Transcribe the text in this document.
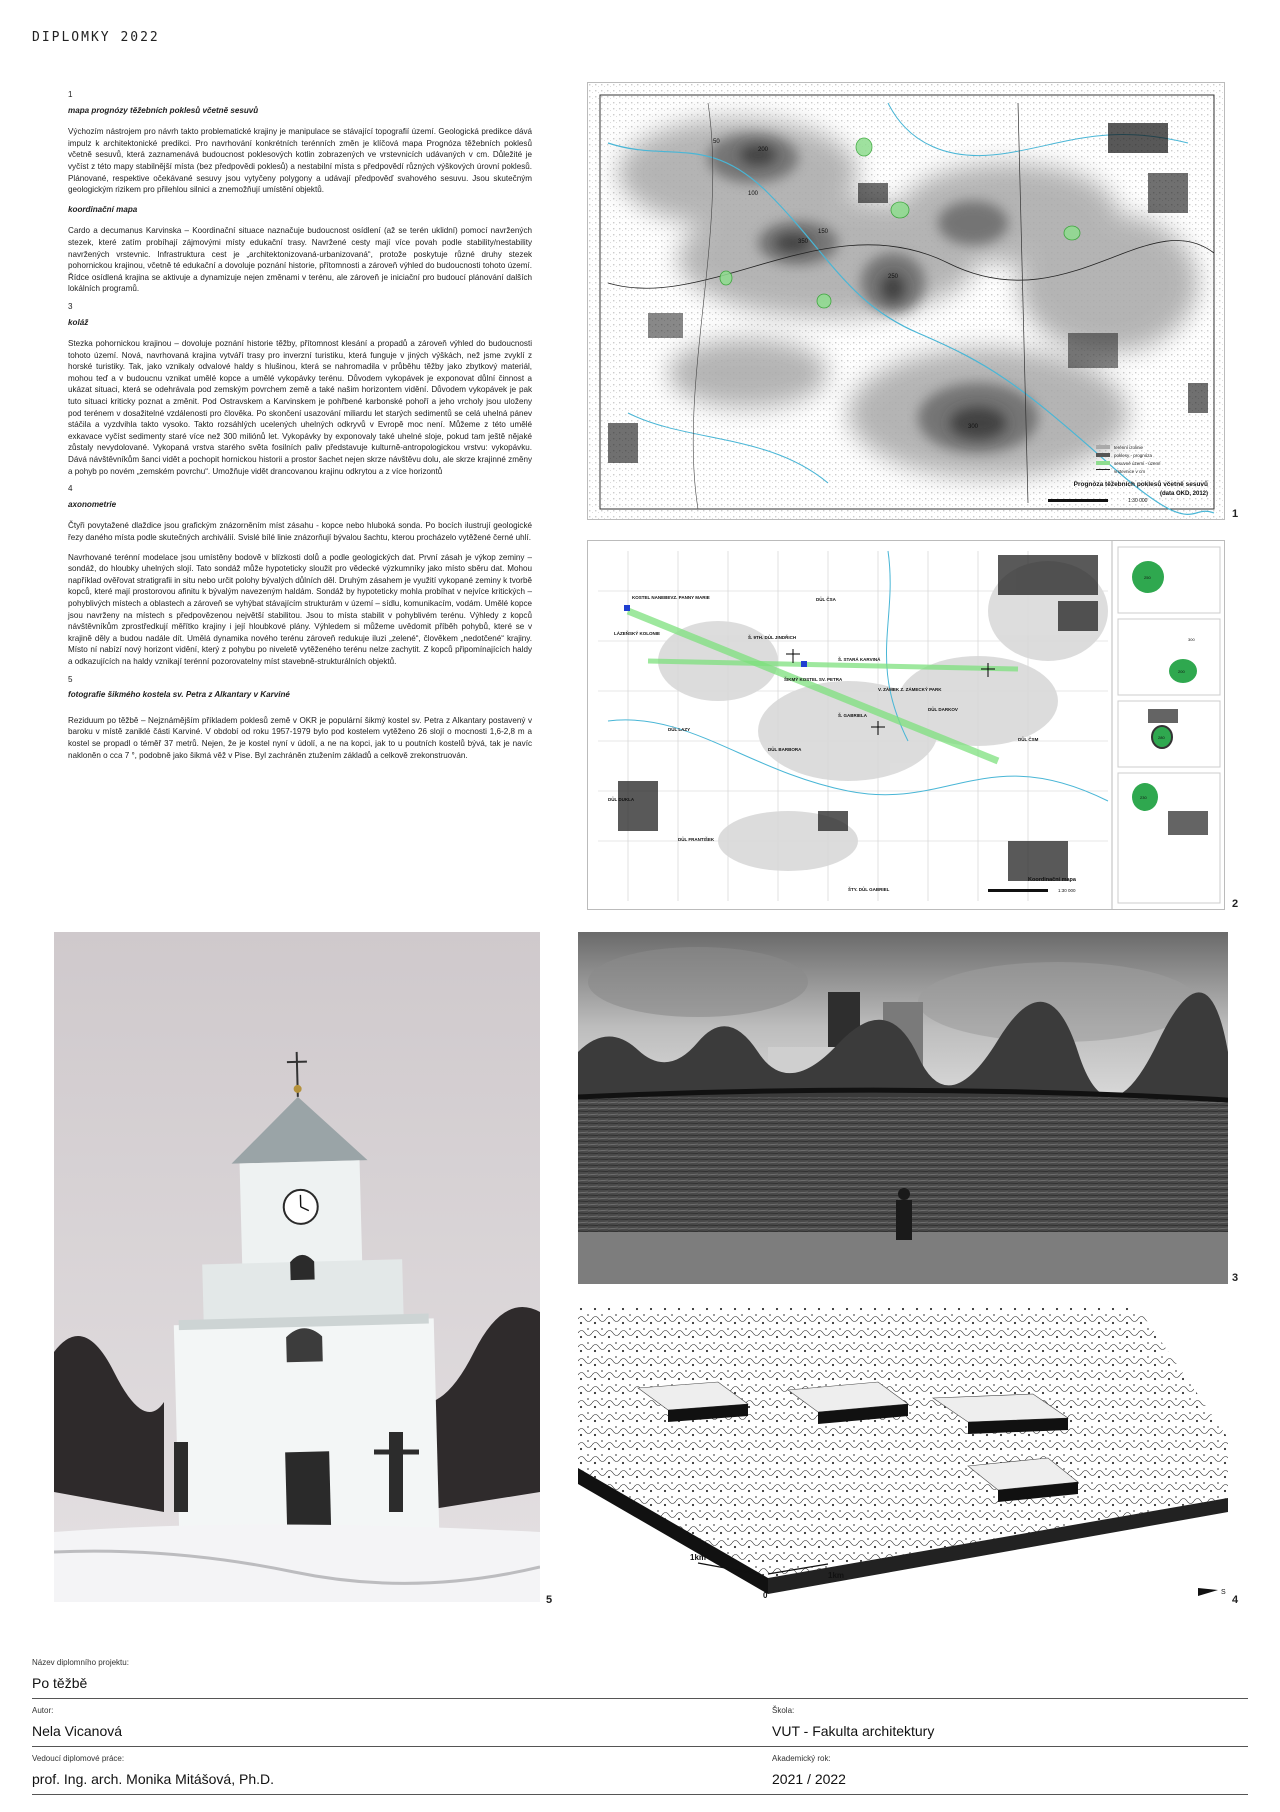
DIPLOMKY 2022
1
mapa prognózy těžebních poklesů včetně sesuvů

Výchozím nástrojem pro návrh takto problematické krajiny je manipulace se stávající topografií území. Geologická predikce dává impulz k architektonické predikci. Pro navrhování konkrétních terénních změn je klíčová mapa Prognóza těžebních poklesů včetně sesuvů, která zaznamenává budoucnost poklesových kotlin zobrazených ve vrstevnicích udávaných v cm. Důležité je vyčíst z této mapy stabilnější místa (bez předpovědi poklesů) a nestabilní místa s předpovědí různých výškových úrovní poklesů. Plánované, respektive očekávané sesuvy jsou vytyčeny polygony a udávají předpověď svahového sesuvu. Jsou skutečným geologickým rizikem pro přilehlou silnici a znemožňují umístění objektů.

koordinační mapa

Cardo a decumanus Karvinska – Koordinační situace naznačuje budoucnost osídlení (až se terén uklidní) pomocí navržených stezek, které zatím probíhají zájmovými místy edukační trasy. Navržené cesty mají více povah podle stability/nestability navržených vrstevnic. Infrastruktura cest je „architektonizovaná-urbanizovaná“, protože poskytuje různé druhy stezek pohornickou krajinou, včetně té edukační a dovoluje poznání historie, přítomnosti a zároveň výhled do budoucnosti tohoto území. Řídce osídlená krajina se aktivuje a dynamizuje nejen změnami v terénu, ale zároveň je iniciační pro budoucí plánování dalších lokálních programů.

3
koláž

Stezka pohornickou krajinou – dovoluje poznání historie těžby, přítomnost klesání a propadů a zároveň výhled do budoucnosti tohoto území. Nová, navrhovaná krajina vytváří trasy pro inverzní turistiku, která funguje v jiných výškách, než jsme zvyklí z horské turistiky. Tak, jako vznikaly odvalové haldy s hlušinou, která se nahromadila v průběhu těžby jako zbytkový materiál, mohou teď a v budoucnu vznikat umělé kopce a umělé vykopávky terénu. Důvodem vykopávek je exponovat důlní činnost a ukázat situaci, která se odehrávala pod zemským povrchem země a také našim horizontem vidění. Důvodem vykopávek je pak tuto situaci kriticky poznat a změnit. Pod Ostravskem a Karvinskem je pohřbené karbonské pohoří a jeho vrcholy jsou uloženy pod terénem v dosažitelné vzdálenosti pro člověka. Po skončení usazování miliardu let starých sedimentů se celá uhelná pánev stáčila a vyzdvihla takto vysoko. Takto rozsáhlých ucelených uhelných odkryvů v Evropě moc není. Můžeme z této umělé exkavace vyčíst sedimenty staré více než 300 miliónů let. Vykopávky by exponovaly také uhelné sloje, pokud tam ještě nějaké zůstaly nevydolované. Vykopaná vrstva starého světa fosilních paliv představuje kulturně-antropologickou vrstvu: vykopávku. Dává návštěvníkům šanci vidět a pochopit hornickou historii a prostor šachet nejen skrze návštěvu dolu, ale skrze krajinné změny a pohyb po novém „zemském povrchu“. Umožňuje vidět drancovanou krajinu odkrytou a z více horizontů

4
axonometrie

Čtyři povytažené dlaždice jsou grafickým znázorněním míst zásahu - kopce nebo hluboká sonda. Po bocích ilustrují geologické řezy daného místa podle skutečných archiválií. Svislé bílé linie znázorňují bývalou šachtu, kterou procházelo vytěžené černé uhlí.

Navrhované terénní modelace jsou umístěny bodově v blízkosti dolů a podle geologických dat. První zásah je výkop zeminy – sondáž, do hloubky uhelných slojí. Tato sondáž může hypoteticky sloužit pro vědecké výzkumníky jako místo sběru dat. Mohou například ověřovat stratigrafii in situ nebo určit polohy bývalých důlních děl. Druhým zásahem je využití vykopané zeminy k tvorbě kopců, které mají prostorovou afinitu k bývalým navezeným haldám. Sondáž by hypoteticky mohla probíhat v nejvíce kritických – pohyblivých místech a oblastech a zároveň se vyhýbat stávajícím strukturám v území – sídlu, komunikacím, vodám. Umělé kopce jsou navrženy na místech s předpovězenou největší stabilitou. Jsou to místa stabilit v pohyblivém terénu. Výhledy z kopců návštěvníkům zprostředkují měřítko krajiny i její hloubkové plány. Výhledem si můžeme uvědomit příběh pohybů, které se v krajině děly a budou nadále dít. Umělá dynamika nového terénu zároveň redukuje iluzi „zelené“, člověkem „nedotčené“ krajiny. Místo ní nabízí nový horizont vidění, který z pohybu po niveletě vytěženého terénu nelze zachytit. Z kopců připomínajících haldy a odkazujících na haldy vznikají terénní pozorovatelny míst stavebně-strukturálních objektů.

5
fotografie šikmého kostela sv. Petra z Alkantary v Karviné

Reziduum po těžbě – Nejznámějším příkladem poklesů země v OKR je populární šikmý kostel sv. Petra z Alkantary postavený v baroku v místě zaniklé části Karviné. V období od roku 1957-1979 bylo pod kostelem vytěženo 26 slojí o mocnosti 1,6-2,8 m a kostel se propadl o téměř 37 metrů. Nejen, že je kostel nyní v údolí, a ne na kopci, jak to u poutních kostelů bývá, tak je navíc nakloněn o cca 7 °, podobně jako šikmá věž v Pise. Byl zachráněn ztužením základů a celkově zrekonstruován.

50
100
150
200
250
300
350
terénní izolinie
poklesy - prognóza
sesuvné území - území
vrstevnice v cm
Prognóza těžebních poklesů včetně sesuvů
(data OKD, 2012)
1:30 000
1
KOSTEL NANEBEVZ. PANNY MARIE
LÁZEŇSKÝ KOLONIE
DŮL ČSA
Š. 9TH. DŮL JINDŘICH
ŠIKMÝ KOSTEL SV. PETRA
Š. STARÁ KARVINÁ
V. ZÁMEK Z. ZÁMECKÝ PARK
Š. GABRIELA
DŮL LAZY
DŮL BARBORA
DŮL DUKLA
DŮL FRANTIŠEK
DŮL DARKOV
DŮL ČSM
ŠTY. DŮL GABRIEL
Koordinační mapa
1:30 000
250
300
200
280
230
2
3
1km
1km
0	S
4
5
Název diplomního projektu:
Po těžbě
Autor:
Nela Vicanová
Škola:
VUT - Fakulta architektury
Vedoucí diplomové práce:
prof. Ing. arch. Monika Mitášová, Ph.D.
Akademický rok:
2021 / 2022
